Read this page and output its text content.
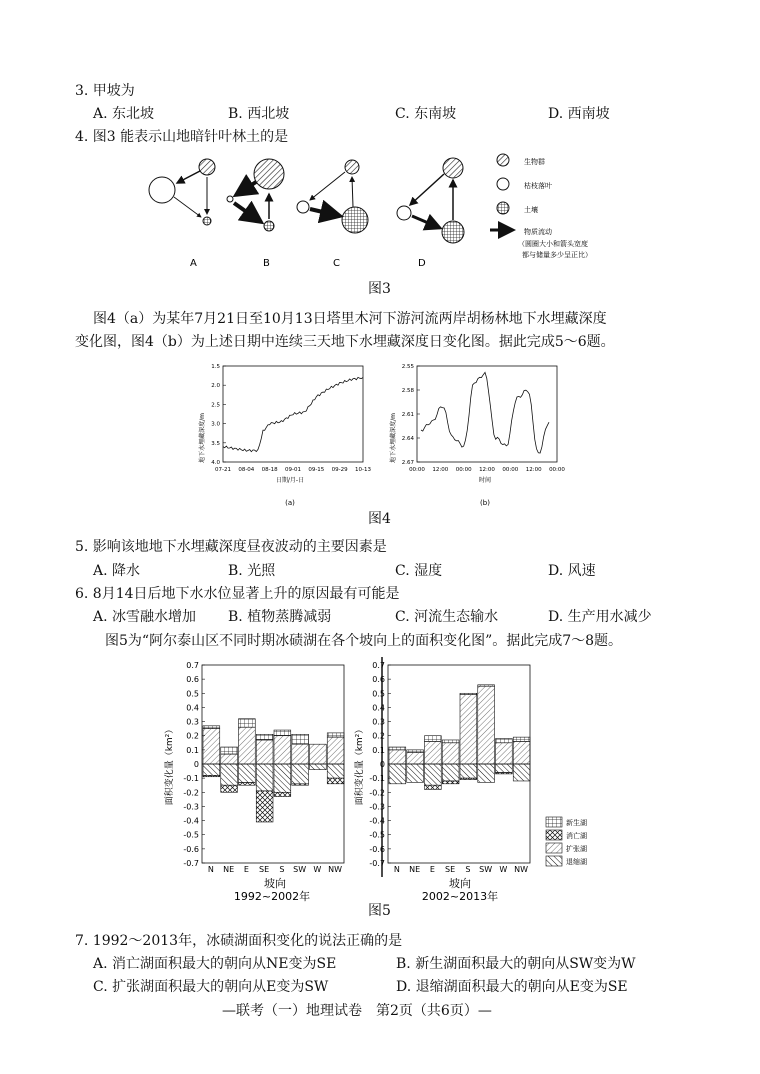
3. 甲坡为
A. 东北坡	B. 西北坡	C. 东南坡	D. 西南坡
4. 图3 能表示山地暗针叶林土的是
A	B	C	D
生物群
枯枝落叶
土壤
物质流动
（圆圈大小和箭头宽度
都与储量多少呈正比）
图3
图4（a）为某年7月21日至10月13日塔里木河下游河流两岸胡杨林地下水埋藏深度
变化图，图4（b）为上述日期中连续三天地下水埋藏深度日变化图。据此完成5～6题。
地下水埋藏深度/m
1.5
2.0
2.5
3.0
3.5
4.0
07-21 08-04 08-18 09-01 09-15 09-29 10-13
日期/月-日
(a)
地下水埋藏深度/m
2.55
2.58
2.61
2.64
2.67
00:00 12:00 00:00 12:00 00:00 12:00 00:00
时间
(b)
图4
5. 影响该地地下水埋藏深度昼夜波动的主要因素是
A. 降水	B. 光照	C. 湿度	D. 风速
6. 8月14日后地下水水位显著上升的原因最有可能是
A. 冰雪融水增加 B. 植物蒸腾减弱	C. 河流生态输水	D. 生产用水减少
图5为“阿尔泰山区不同时期冰碛湖在各个坡向上的面积变化图”。据此完成7～8题。
面积变化量（km²）	面积变化量（km²）
0.7
0.6
0.5
0.4
0.3
0.2
0.1
0
-0.1
-0.2
-0.3
-0.4
-0.5
-0.6
-0.7
N NE E SE S SW W NW
0.7
0.6
0.5
0.4
0.3
0.2
0.1
0
-0.1
-0.2
-0.3
-0.4
-0.5
-0.6
-0.7
N NE E SE S SW W NW
坡向
1992~2002年
坡向
2002~2013年
新生湖
消亡湖
扩张湖
退缩湖
图5
7. 1992～2013年，冰碛湖面积变化的说法正确的是
A. 消亡湖面积最大的朝向从NE变为SE	B. 新生湖面积最大的朝向从SW变为W
C. 扩张湖面积最大的朝向从E变为SW	D. 退缩湖面积最大的朝向从E变为SE
—联考（一）地理试卷　第2页（共6页）—
